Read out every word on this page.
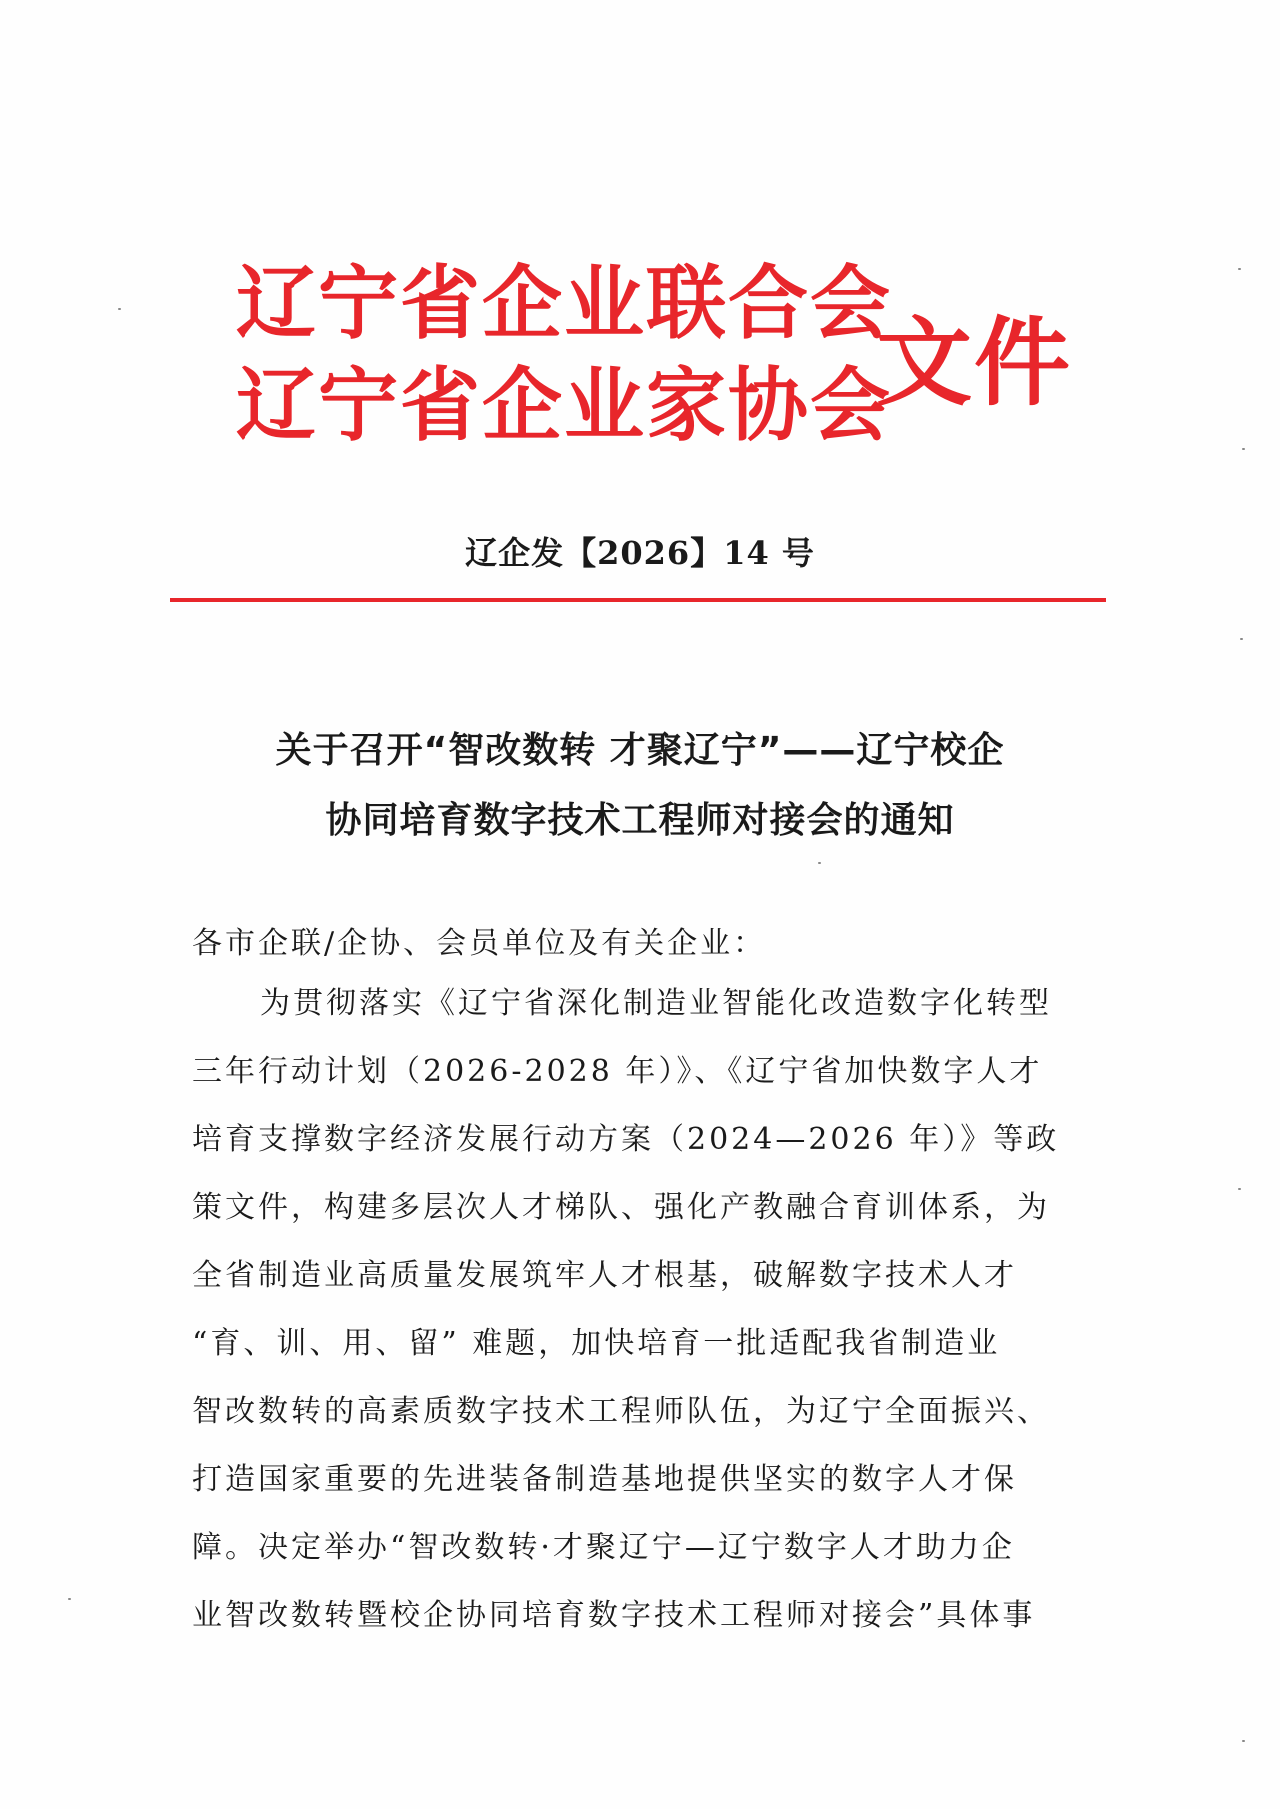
辽宁省企业联合会
辽宁省企业家协会
文件
辽企发【2026】14 号
关于召开“智改数转 才聚辽宁”——辽宁校企
协同培育数字技术工程师对接会的通知
各市企联/企协、会员单位及有关企业：
为贯彻落实《辽宁省深化制造业智能化改造数字化转型
三年行动计划（2026-2028 年）》、《辽宁省加快数字人才
培育支撑数字经济发展行动方案（2024—2026 年）》等政
策文件，构建多层次人才梯队、强化产教融合育训体系，为
全省制造业高质量发展筑牢人才根基，破解数字技术人才
“育、训、用、留” 难题，加快培育一批适配我省制造业
智改数转的高素质数字技术工程师队伍，为辽宁全面振兴、
打造国家重要的先进装备制造基地提供坚实的数字人才保
障。决定举办“智改数转·才聚辽宁—辽宁数字人才助力企
业智改数转暨校企协同培育数字技术工程师对接会”具体事
